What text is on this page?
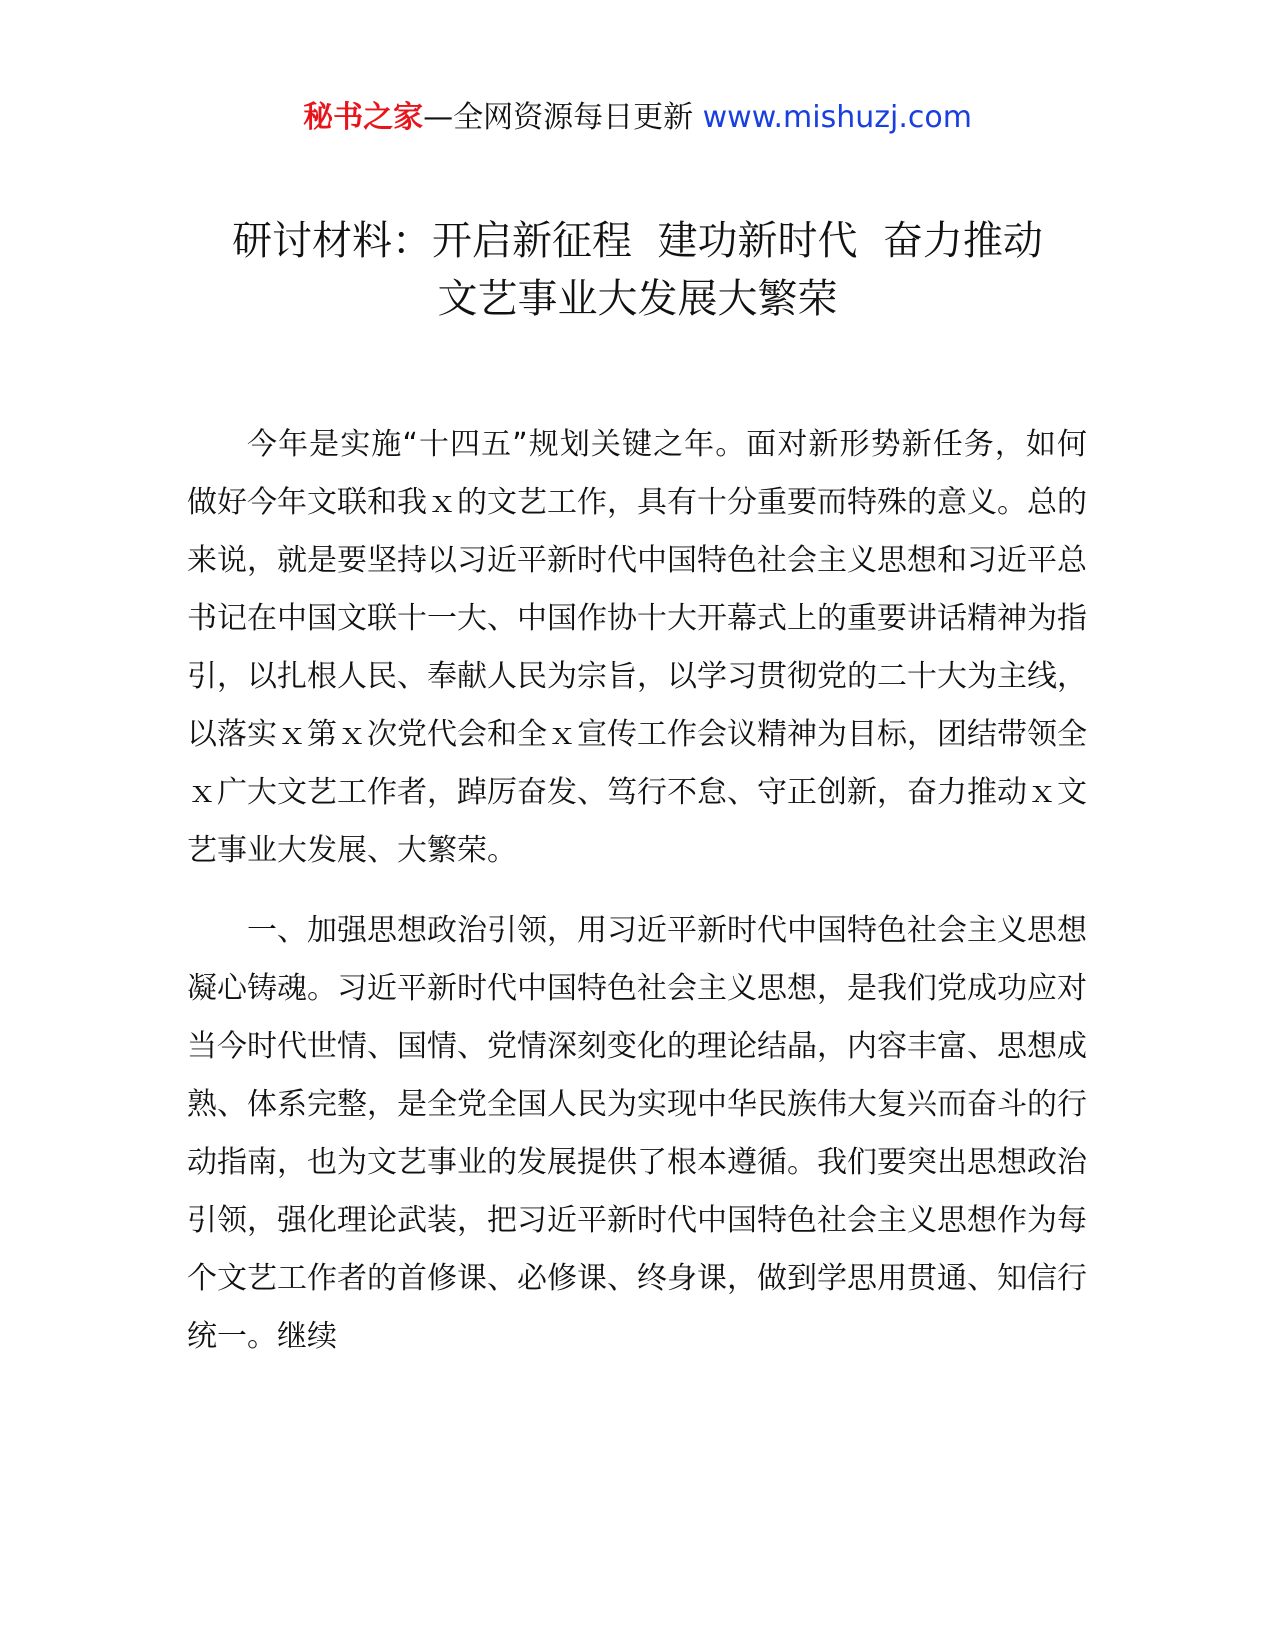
秘书之家—全网资源每日更新 www.mishuzj.com
研讨材料：开启新征程  建功新时代  奋力推动
文艺事业大发展大繁荣

今年是实施“十四五”规划关键之年。面对新形势新任务，如何做好今年文联和我ｘ的文艺工作，具有十分重要而特殊的意义。总的来说，就是要坚持以习近平新时代中国特色社会主义思想和习近平总书记在中国文联十一大、中国作协十大开幕式上的重要讲话精神为指引，以扎根人民、奉献人民为宗旨，以学习贯彻党的二十大为主线，以落实ｘ第ｘ次党代会和全ｘ宣传工作会议精神为目标，团结带领全ｘ广大文艺工作者，踔厉奋发、笃行不怠、守正创新，奋力推动ｘ文艺事业大发展、大繁荣。

一、加强思想政治引领，用习近平新时代中国特色社会主义思想凝心铸魂。习近平新时代中国特色社会主义思想，是我们党成功应对当今时代世情、国情、党情深刻变化的理论结晶，内容丰富、思想成熟、体系完整，是全党全国人民为实现中华民族伟大复兴而奋斗的行动指南，也为文艺事业的发展提供了根本遵循。我们要突出思想政治引领，强化理论武装，把习近平新时代中国特色社会主义思想作为每个文艺工作者的首修课、必修课、终身课，做到学思用贯通、知信行统一。继续
